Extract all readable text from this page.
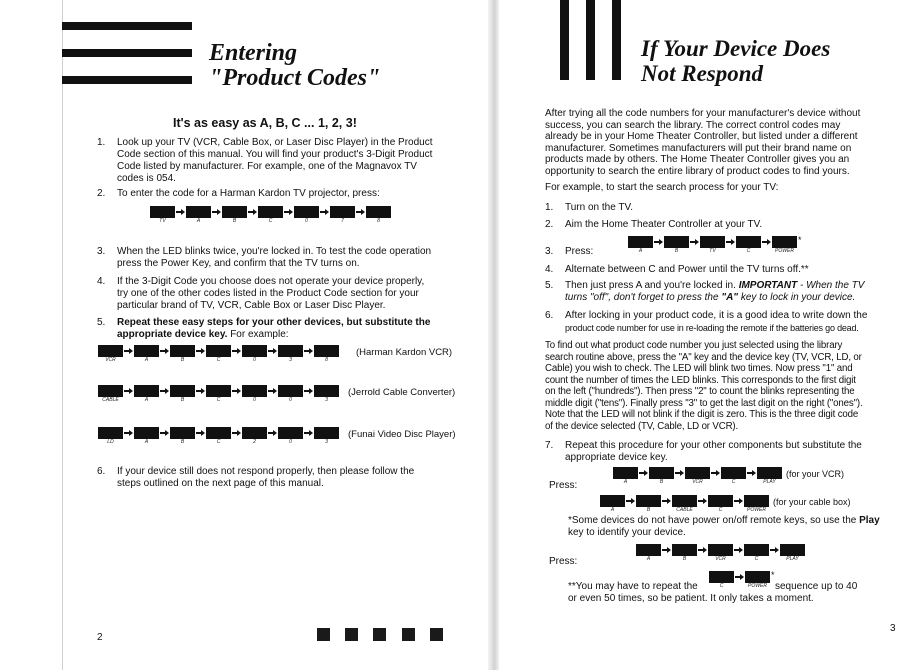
Entering
"Product Codes"
It's as easy as A, B, C ... 1, 2, 3!
1. Look up your TV (VCR, Cable Box, or Laser Disc Player) in the Product
Code section of this manual. You will find your product's 3-Digit Product
Code listed by manufacturer. For example, one of the Magnavox TV
codes is 054.
2. To enter the code for a Harman Kardon TV projector, press:
TV	A	B	C	0	7	8
3. When the LED blinks twice, you're locked in. To test the code operation
press the Power Key, and confirm that the TV turns on.
4. If the 3-Digit Code you choose does not operate your device properly,
try one of the other codes listed in the Product Code section for your
particular brand of TV, VCR, Cable Box or Laser Disc Player.
5. Repeat these easy steps for your other devices, but substitute the
appropriate device key. For example:
VCR	A	B	C	0	3	8
(Harman Kardon VCR)
CABLE	A	B	C	0	0	3
(Jerrold Cable Converter)
LD	A	B	C	2	0	3
(Funai Video Disc Player)
6. If your device still does not respond properly, then please follow the
steps outlined on the next page of this manual.
2
If Your Device Does
Not Respond
After trying all the code numbers for your manufacturer's device without
success, you can search the library. The correct control codes may
already be in your Home Theater Controller, but listed under a different
manufacturer. Sometimes manufacturers will put their brand name on
products made by others. The Home Theater Controller gives you an
opportunity to search the entire library of product codes to find yours.
For example, to start the search process for your TV:
1. Turn on the TV.
2. Aim the Home Theater Controller at your TV.
3. Press:	A	B	TV	C	POWER
*
4. Alternate between C and Power until the TV turns off.**
5. Then just press A and you're locked in. IMPORTANT - When the TV
turns "off", don't forget to press the "A" key to lock in your device.
6. After locking in your product code, it is a good idea to write down the
product code number for use in re-loading the remote if the batteries go dead.
To find out what product code number you just selected using the library
search routine above, press the "A" key and the device key (TV, VCR, LD, or
Cable) you wish to check. The LED will blink two times. Now press "1" and
count the number of times the LED blinks. This corresponds to the first digit
on the left ("hundreds"). Then press "2" to count the blinks representing the
middle digit ("tens"). Finally press "3" to get the last digit on the right ("ones").
Note that the LED will not blink if the digit is zero. This is the three digit code
of the device selected (TV, Cable, LD or VCR).
7. Repeat this procedure for your other components but substitute the
appropriate device key.
Press:	A	B	VCR	C	PLAY
(for your VCR)
A	B	CABLE	C	POWER
(for your cable box)
*Some devices do not have power on/off remote keys, so use the Play
key to identify your device.
Press:	A	B	VCR	C	PLAY
**You may have to repeat the	C	POWER
*
sequence up to 40
or even 50 times, so be patient. It only takes a moment.
3
